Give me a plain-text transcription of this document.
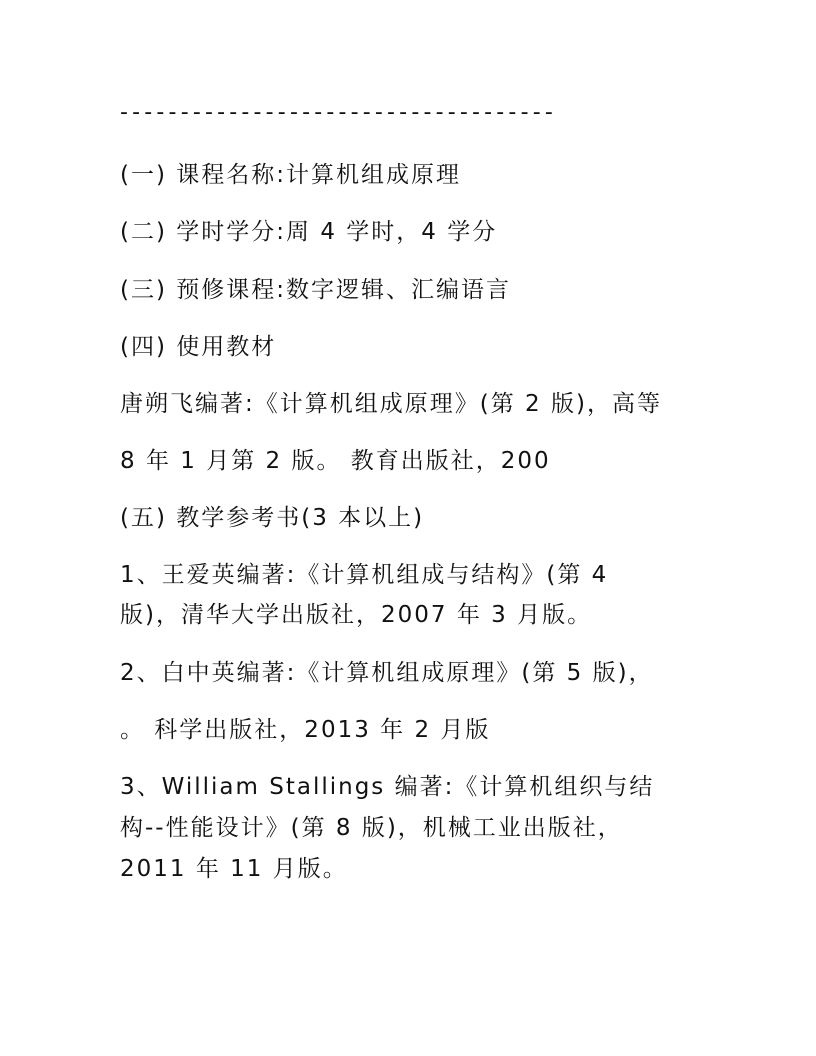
------------------------------------
(一) 课程名称:计算机组成原理
(二) 学时学分:周 4 学时，4 学分
(三) 预修课程:数字逻辑、汇编语言
(四) 使用教材
唐朔飞编著:《计算机组成原理》(第 2 版)，高等
8 年 1 月第 2 版。 教育出版社，200
(五) 教学参考书(3 本以上)
1、王爱英编著:《计算机组成与结构》(第 4
版)，清华大学出版社，2007 年 3 月版。
2、白中英编著:《计算机组成原理》(第 5 版)，
。 科学出版社，2013 年 2 月版
3、William Stallings 编著:《计算机组织与结
构--性能设计》(第 8 版)，机械工业出版社，
2011 年 11 月版。
